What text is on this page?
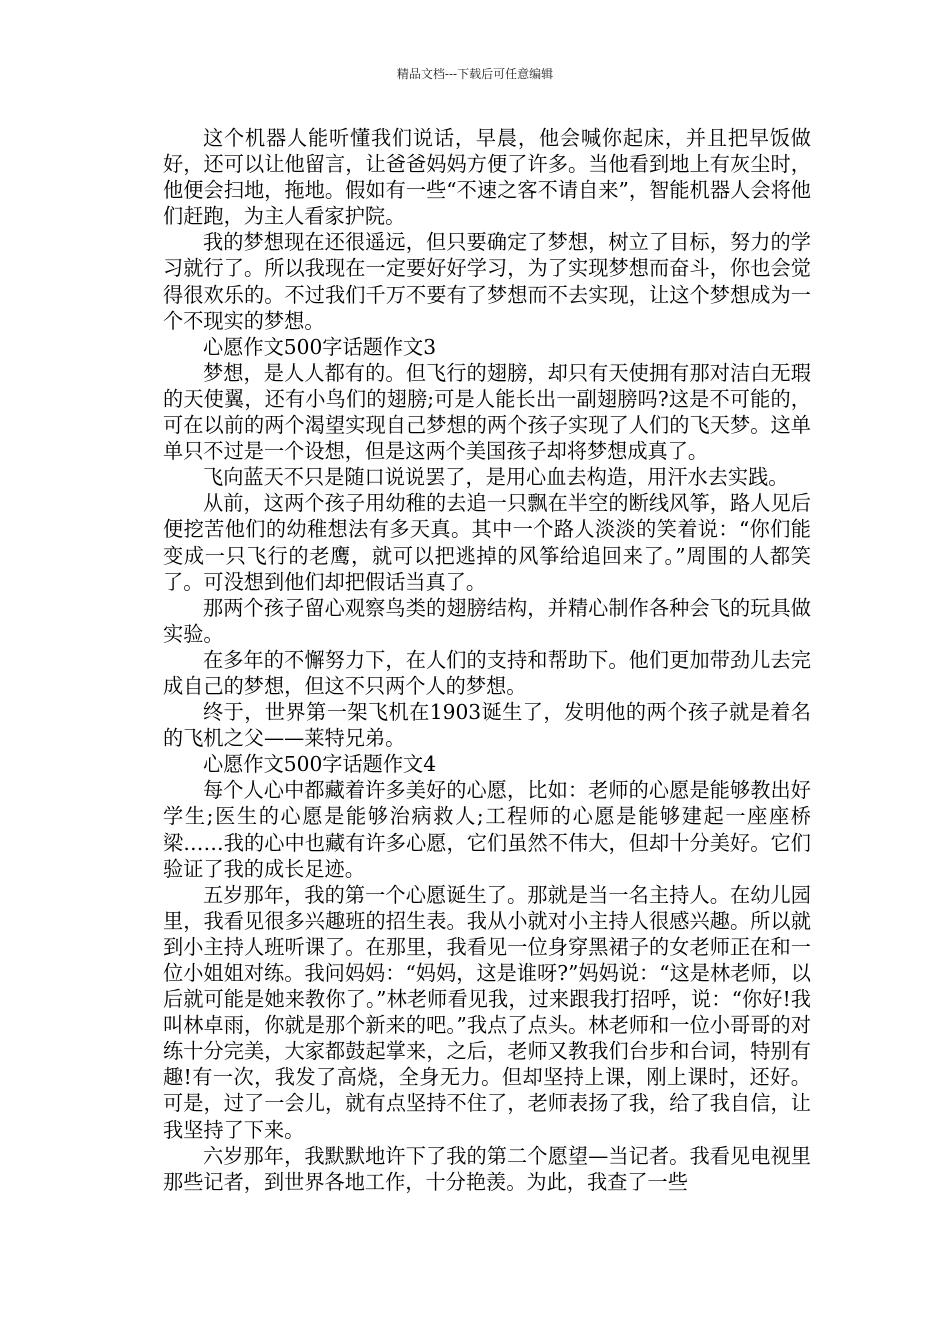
精品文档---下载后可任意编辑

这个机器人能听懂我们说话，早晨，他会喊你起床，并且把早饭做好，还可以让他留言，让爸爸妈妈方便了许多。当他看到地上有灰尘时，他便会扫地，拖地。假如有一些“不速之客不请自来”，智能机器人会将他们赶跑，为主人看家护院。

我的梦想现在还很遥远，但只要确定了梦想，树立了目标，努力的学习就行了。所以我现在一定要好好学习，为了实现梦想而奋斗，你也会觉得很欢乐的。不过我们千万不要有了梦想而不去实现，让这个梦想成为一个不现实的梦想。

心愿作文500字话题作文3

梦想，是人人都有的。但飞行的翅膀，却只有天使拥有那对洁白无瑕的天使翼，还有小鸟们的翅膀;可是人能长出一副翅膀吗?这是不可能的，可在以前的两个渴望实现自己梦想的两个孩子实现了人们的飞天梦。这单单只不过是一个设想，但是这两个美国孩子却将梦想成真了。

飞向蓝天不只是随口说说罢了，是用心血去构造，用汗水去实践。

从前，这两个孩子用幼稚的去追一只飘在半空的断线风筝，路人见后便挖苦他们的幼稚想法有多天真。其中一个路人淡淡的笑着说：“你们能变成一只飞行的老鹰，就可以把逃掉的风筝给追回来了。”周围的人都笑了。可没想到他们却把假话当真了。

那两个孩子留心观察鸟类的翅膀结构，并精心制作各种会飞的玩具做实验。

在多年的不懈努力下，在人们的支持和帮助下。他们更加带劲儿去完成自己的梦想，但这不只两个人的梦想。

终于，世界第一架飞机在1903诞生了，发明他的两个孩子就是着名的飞机之父——莱特兄弟。

心愿作文500字话题作文4

每个人心中都藏着许多美好的心愿，比如：老师的心愿是能够教出好学生;医生的心愿是能够治病救人;工程师的心愿是能够建起一座座桥梁……我的心中也藏有许多心愿，它们虽然不伟大，但却十分美好。它们验证了我的成长足迹。

五岁那年，我的第一个心愿诞生了。那就是当一名主持人。在幼儿园里，我看见很多兴趣班的招生表。我从小就对小主持人很感兴趣。所以就到小主持人班听课了。在那里，我看见一位身穿黑裙子的女老师正在和一位小姐姐对练。我问妈妈：“妈妈，这是谁呀?”妈妈说：“这是林老师，以后就可能是她来教你了。”林老师看见我，过来跟我打招呼，说：“你好!我叫林卓雨，你就是那个新来的吧。”我点了点头。林老师和一位小哥哥的对练十分完美，大家都鼓起掌来，之后，老师又教我们台步和台词，特别有趣!有一次，我发了高烧，全身无力。但却坚持上课，刚上课时，还好。可是，过了一会儿，就有点坚持不住了，老师表扬了我，给了我自信，让我坚持了下来。

六岁那年，我默默地许下了我的第二个愿望—当记者。我看见电视里那些记者，到世界各地工作，十分艳羡。为此，我查了一些
